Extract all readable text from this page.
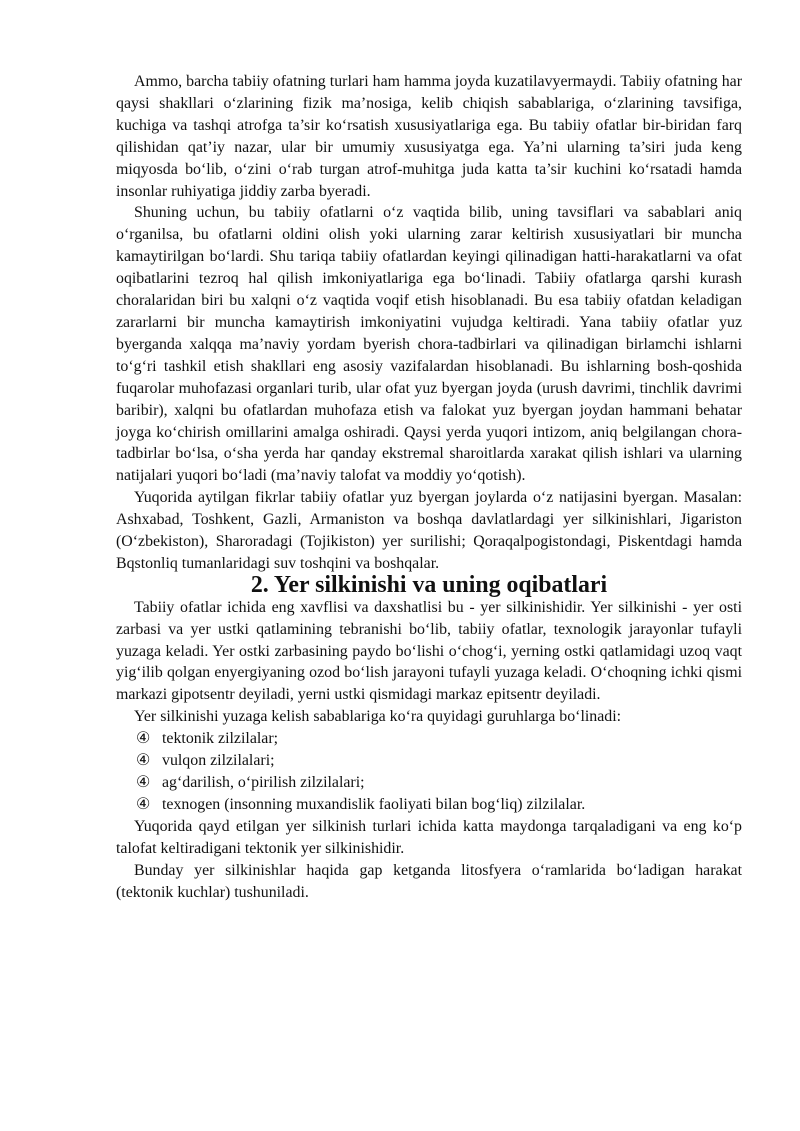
Ammo, barcha tabiiy ofatning turlari ham hamma joyda kuzatilavyermaydi. Tabiiy ofatning har qaysi shakllari o‘zlarining fizik ma’nosiga, kelib chiqish sabablariga, o‘zlarining tavsifiga, kuchiga va tashqi atrofga ta’sir ko‘rsatish xususiyatlariga ega. Bu tabiiy ofatlar bir-biridan farq qilishidan qat’iy nazar, ular bir umumiy xususiyatga ega. Ya’ni ularning ta’siri juda keng miqyosda bo‘lib, o‘zini o‘rab turgan atrof-muhitga juda katta ta’sir kuchini ko‘rsatadi hamda insonlar ruhiyatiga jiddiy zarba byeradi.

Shuning uchun, bu tabiiy ofatlarni o‘z vaqtida bilib, uning tavsiflari va sabablari aniq o‘rganilsa, bu ofatlarni oldini olish yoki ularning zarar keltirish xususiyatlari bir muncha kamaytirilgan bo‘lardi. Shu tariqa tabiiy ofatlardan keyingi qilinadigan hatti-harakatlarni va ofat oqibatlarini tezroq hal qilish imkoniyatlariga ega bo‘linadi. Tabiiy ofatlarga qarshi kurash choralaridan biri bu xalqni o‘z vaqtida voqif etish hisoblanadi. Bu esa tabiiy ofatdan keladigan zararlarni bir muncha kamaytirish imkoniyatini vujudga keltiradi. Yana tabiiy ofatlar yuz byerganda xalqqa ma’naviy yordam byerish chora-tadbirlari va qilinadigan birlamchi ishlarni to‘g‘ri tashkil etish shakllari eng asosiy vazifalardan hisoblanadi. Bu ishlarning bosh-qoshida fuqarolar muhofazasi organlari turib, ular ofat yuz byergan joyda (urush davrimi, tinchlik davrimi baribir), xalqni bu ofatlardan muhofaza etish va falokat yuz byergan joydan hammani behatar joyga ko‘chirish omillarini amalga oshiradi. Qaysi yerda yuqori intizom, aniq belgilangan chora-tadbirlar bo‘lsa, o‘sha yerda har qanday ekstremal sharoitlarda xarakat qilish ishlari va ularning natijalari yuqori bo‘ladi (ma’naviy talofat va moddiy yo‘qotish).

Yuqorida aytilgan fikrlar tabiiy ofatlar yuz byergan joylarda o‘z natijasini byergan. Masalan: Ashxabad, Toshkent, Gazli, Armaniston va boshqa davlatlardagi yer silkinishlari, Jigariston (O‘zbekiston), Sharoradagi (Tojikiston) yer surilishi; Qoraqalpogistondagi, Piskentdagi hamda Bqstonliq tumanlaridagi suv toshqini va boshqalar.

2. Yer silkinishi va uning oqibatlari

Tabiiy ofatlar ichida eng xavflisi va daxshatlisi bu - yer silkinishidir. Yer silkinishi - yer osti zarbasi va yer ustki qatlamining tebranishi bo‘lib, tabiiy ofatlar, texnologik jarayonlar tufayli yuzaga keladi. Yer ostki zarbasining paydo bo‘lishi o‘chog‘i, yerning ostki qatlamidagi uzoq vaqt yig‘ilib qolgan enyergiyaning ozod bo‘lish jarayoni tufayli yuzaga keladi. O‘choqning ichki qismi markazi gipotsentr deyiladi, yerni ustki qismidagi markaz epitsentr deyiladi.

Yer silkinishi yuzaga kelish sabablariga ko‘ra quyidagi guruhlarga bo‘linadi:

④ tektonik zilzilalar;
④ vulqon zilzilalari;
④ ag‘darilish, o‘pirilish zilzilalari;
④ texnogen (insonning muxandislik faoliyati bilan bog‘liq) zilzilalar.

Yuqorida qayd etilgan yer silkinish turlari ichida katta maydonga tarqaladigani va eng ko‘p talofat keltiradigani tektonik yer silkinishidir.

Bunday yer silkinishlar haqida gap ketganda litosfyera o‘ramlarida bo‘ladigan harakat (tektonik kuchlar) tushuniladi.
